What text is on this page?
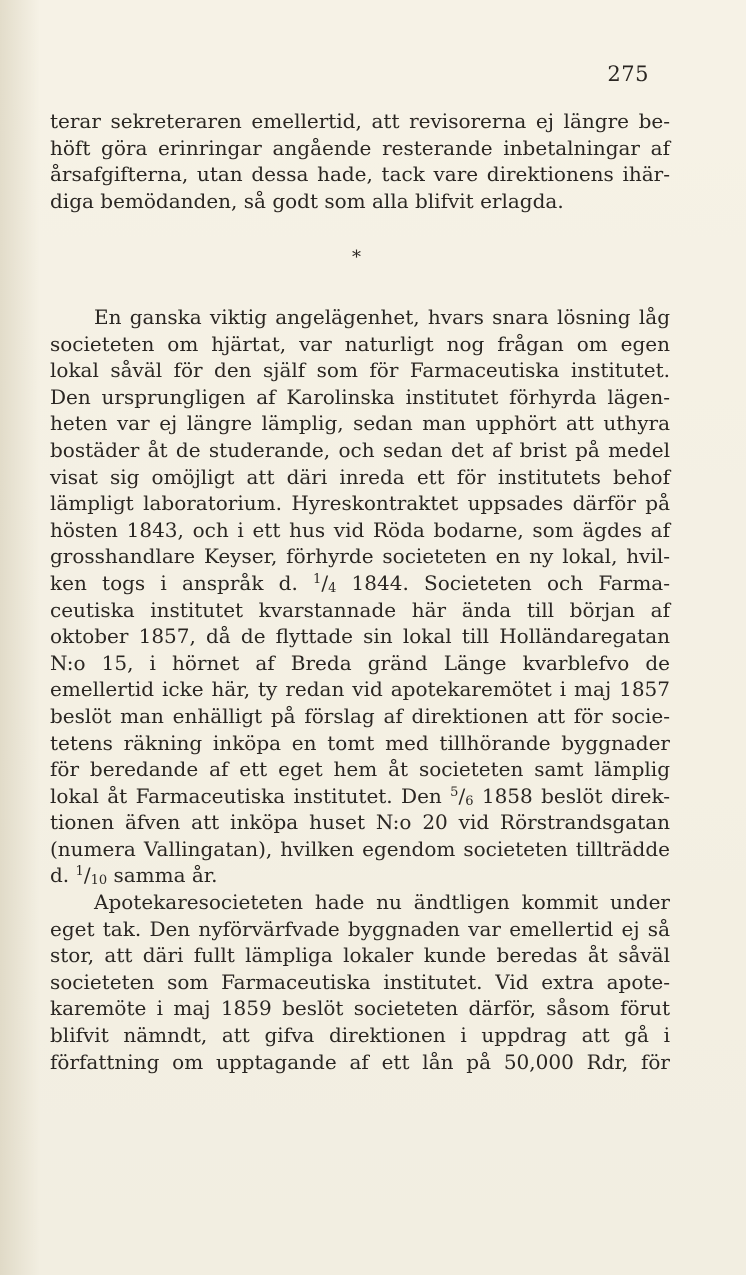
275
terar sekreteraren emellertid, att revisorerna ej längre be-
höft göra erinringar angående resterande inbetalningar af
årsafgifterna, utan dessa hade, tack vare direktionens ihär-
diga bemödanden, så godt som alla blifvit erlagda.
*
En ganska viktig angelägenhet, hvars snara lösning låg
societeten om hjärtat, var naturligt nog frågan om egen
lokal såväl för den själf som för Farmaceutiska institutet.
Den ursprungligen af Karolinska institutet förhyrda lägen-
heten var ej längre lämplig, sedan man upphört att uthyra
bostäder åt de studerande, och sedan det af brist på medel
visat sig omöjligt att däri inreda ett för institutets behof
lämpligt laboratorium. Hyreskontraktet uppsades därför på
hösten 1843, och i ett hus vid Röda bodarne, som ägdes af
grosshandlare Keyser, förhyrde societeten en ny lokal, hvil-
ken togs i anspråk d. $^1$/4 1844. Societeten och Farma-
ceutiska institutet kvarstannade här ända till början af
oktober 1857, då de flyttade sin lokal till Holländaregatan
N:o 15, i hörnet af Breda gränd Länge kvarblefvo de
emellertid icke här, ty redan vid apotekaremötet i maj 1857
beslöt man enhälligt på förslag af direktionen att för socie-
tetens räkning inköpa en tomt med tillhörande byggnader
för beredande af ett eget hem åt societeten samt lämplig
lokal åt Farmaceutiska institutet. Den $^5$/6 1858 beslöt direk-
tionen äfven att inköpa huset N:o 20 vid Rörstrandsgatan
(numera Vallingatan), hvilken egendom societeten tillträdde
d. $^1$/10 samma år.
Apotekaresocieteten hade nu ändtligen kommit under
eget tak. Den nyförvärfvade byggnaden var emellertid ej så
stor, att däri fullt lämpliga lokaler kunde beredas åt såväl
societeten som Farmaceutiska institutet. Vid extra apote-
karemöte i maj 1859 beslöt societeten därför, såsom förut
blifvit nämndt, att gifva direktionen i uppdrag att gå i
författning om upptagande af ett lån på 50,000 Rdr, för
